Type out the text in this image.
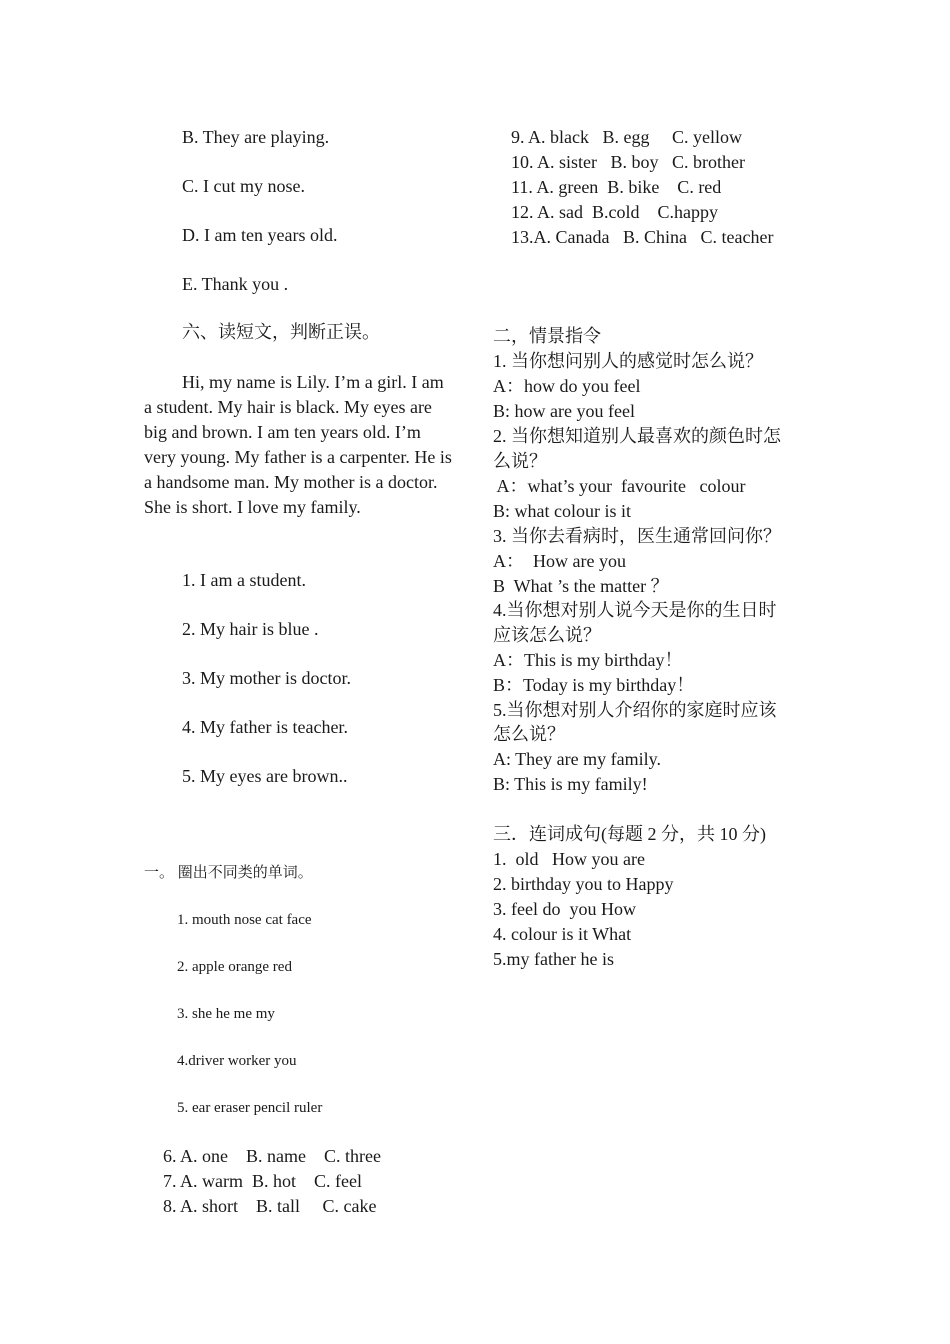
B. They are playing.
C. I cut my nose.
D. I am ten years old.
E. Thank you .
六、读短文，判断正误。
Hi, my name is Lily. I’m a girl. I am a student. My hair is black. My eyes are big and brown. I am ten years old. I’m very young. My father is a carpenter. He is a handsome man. My mother is a doctor. She is short. I love my family.
1. I am a student.
2. My hair is blue .
3. My mother is doctor.
4. My father is teacher.
5. My eyes are brown..
一。 圈出不同类的单词。
1. mouth nose cat face
2. apple orange red
3. she he me my
4.driver worker you
5. ear eraser pencil ruler
6. A. one    B. name    C. three
7. A. warm  B. hot    C. feel
8. A. short    B. tall     C. cake
9. A. black   B. egg     C. yellow
10. A. sister   B. boy   C. brother
11. A. green  B. bike    C. red
12. A. sad  B.cold    C.happy
13.A. Canada   B. China   C. teacher
二，情景指令
1. 当你想问别人的感觉时怎么说？
A：how do you feel
B: how are you feel
2. 当你想知道别人最喜欢的颜色时怎
么说？
A：what’s your  favourite   colour
B: what colour is it
3. 当你去看病时，医生通常回问你？
A：  How are you
B  What ’s the matter ？
4.当你想对别人说今天是你的生日时
应该怎么说？
A：This is my birthday！
B：Today is my birthday！
5.当你想对别人介绍你的家庭时应该
怎么说？
A: They are my family.
B: This is my family!
三．连词成句(每题 2 分，共 10 分)
1.  old   How you are
2. birthday you to Happy
3. feel do  you How
4. colour is it What
5.my father he is
